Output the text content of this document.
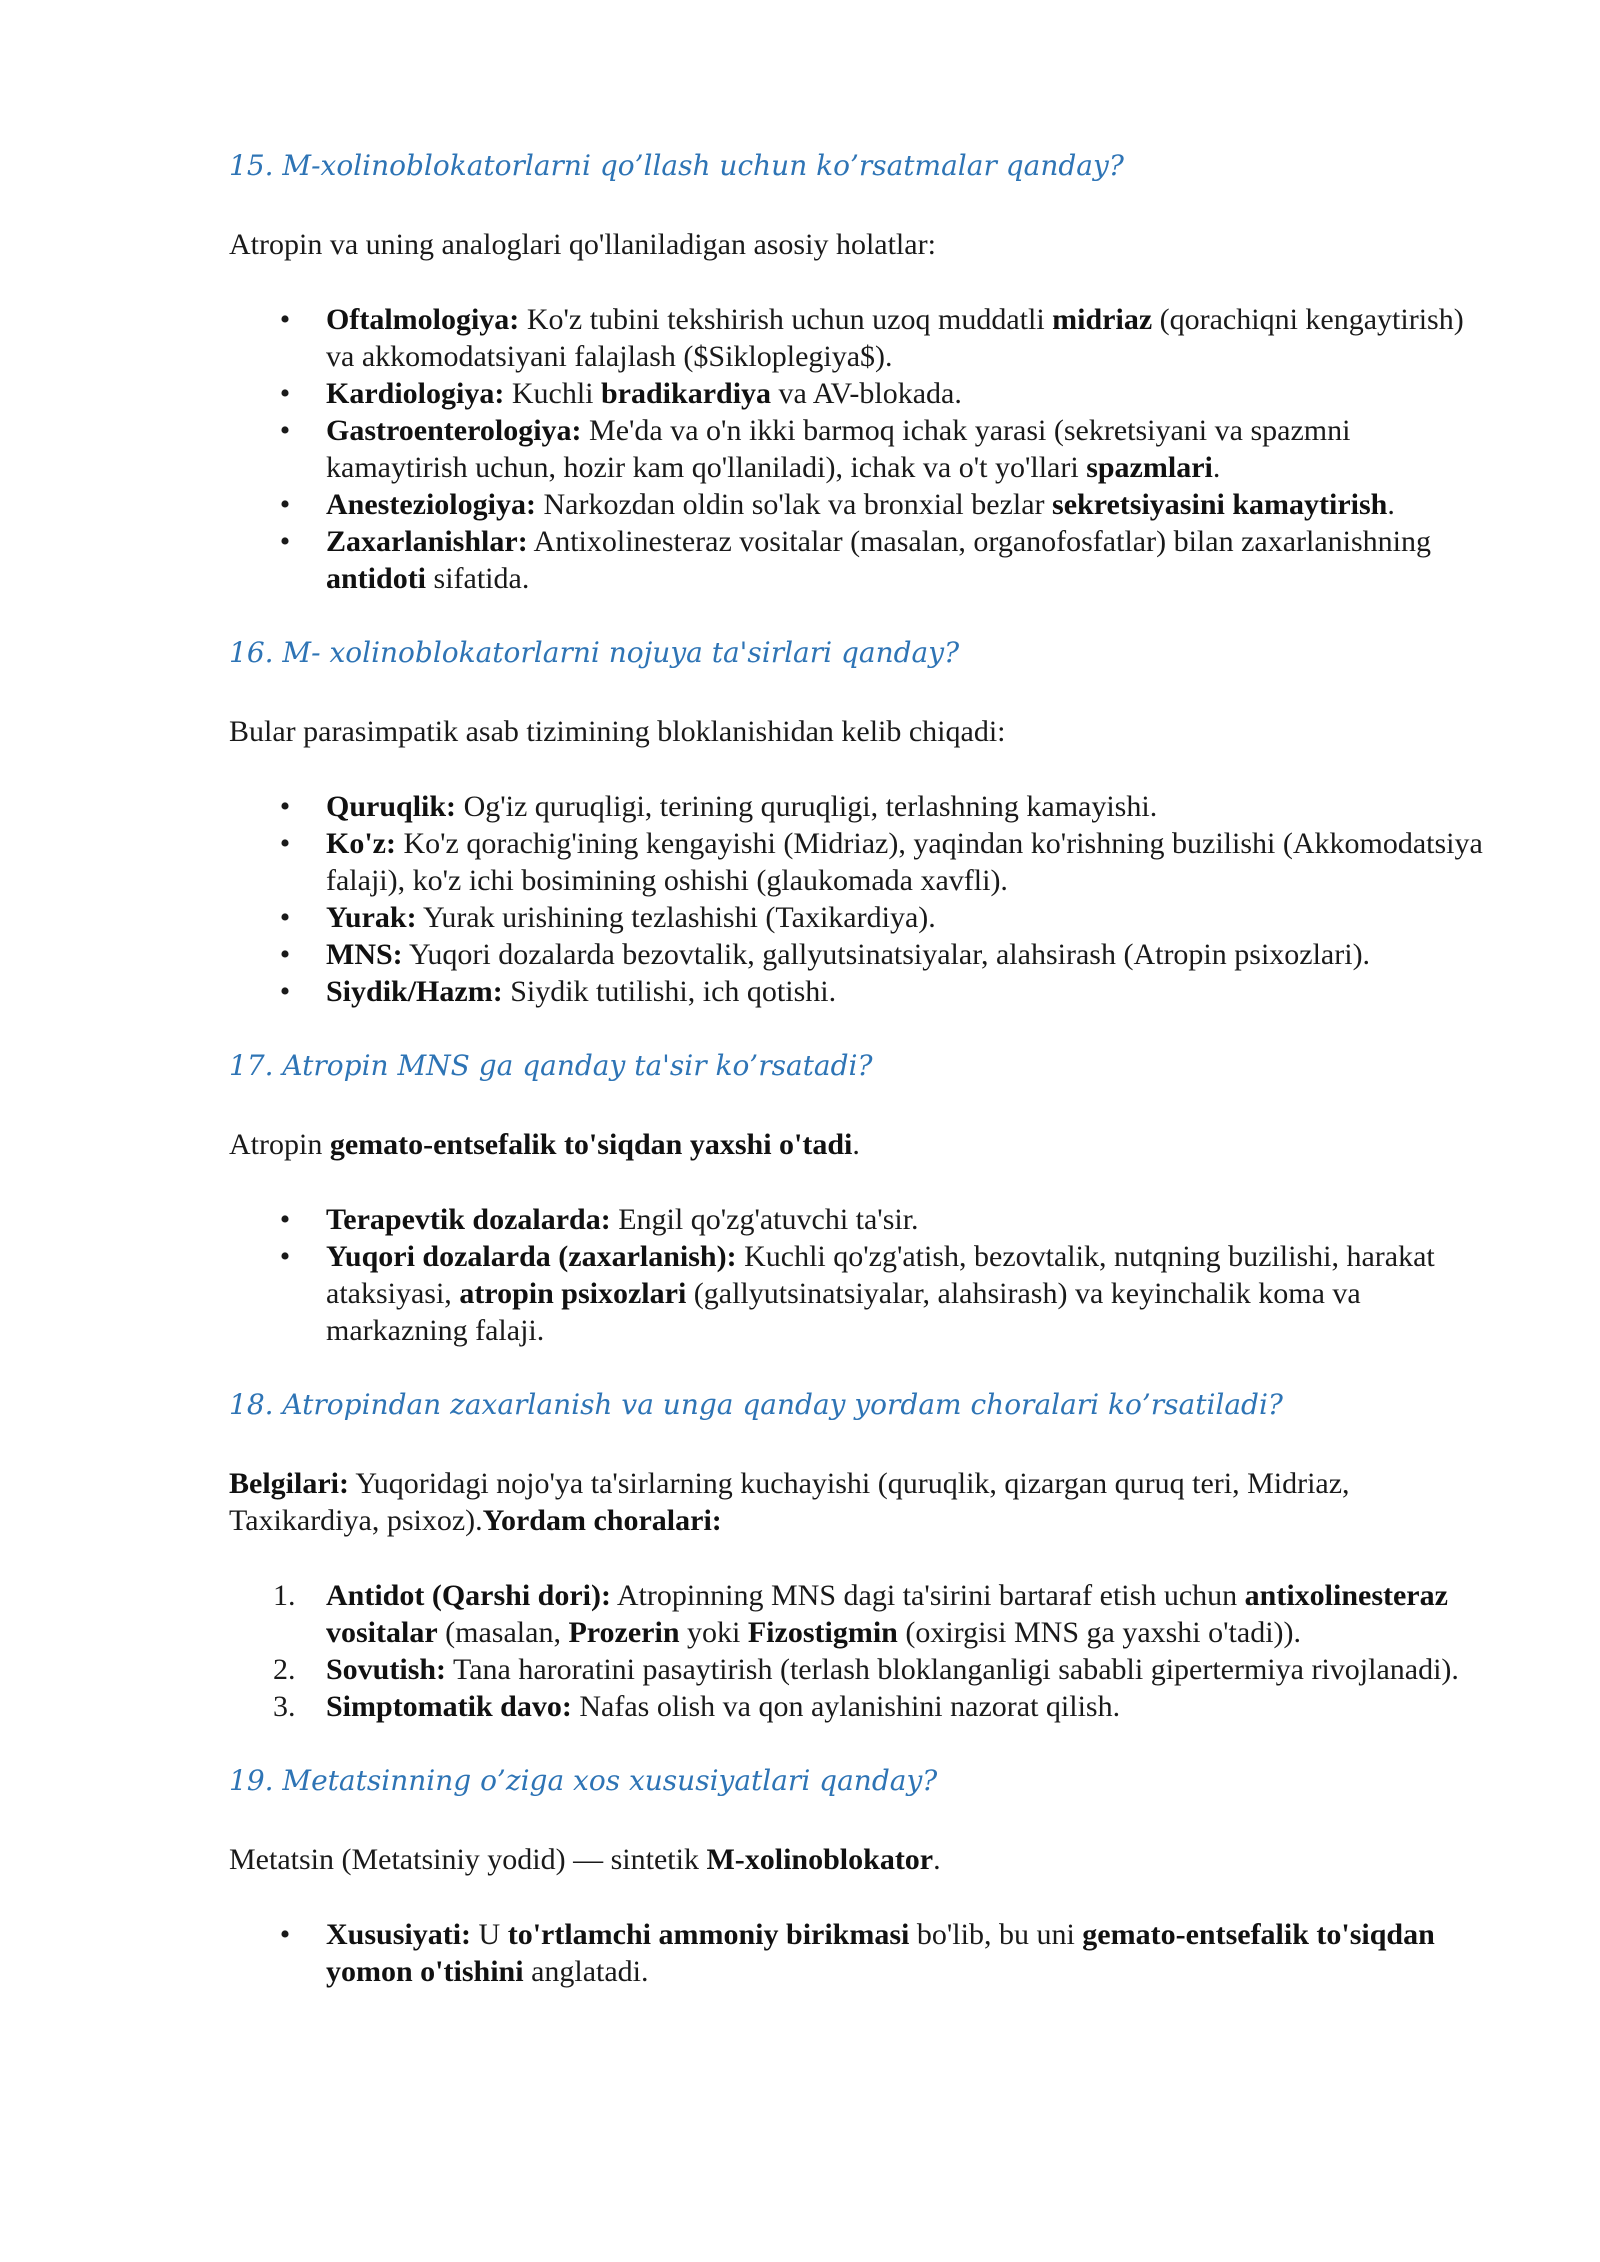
15. M-xolinoblokatorlarni qo’llash uchun ko’rsatmalar qanday?
Atropin va uning analoglari qo'llaniladigan asosiy holatlar:
• Oftalmologiya: Ko'z tubini tekshirish uchun uzoq muddatli midriaz (qorachiqni kengaytirish) va akkomodatsiyani falajlash ($Sikloplegiya$).
• Kardiologiya: Kuchli bradikardiya va AV-blokada.
• Gastroenterologiya: Me'da va o'n ikki barmoq ichak yarasi (sekretsiyani va spazmni kamaytirish uchun, hozir kam qo'llaniladi), ichak va o't yo'llari spazmlari.
• Anesteziologiya: Narkozdan oldin so'lak va bronxial bezlar sekretsiyasini kamaytirish.
• Zaxarlanishlar: Antixolinesteraz vositalar (masalan, organofosfatlar) bilan zaxarlanishning antidoti sifatida.
16. M- xolinoblokatorlarni nojuya ta'sirlari qanday?
Bular parasimpatik asab tizimining bloklanishidan kelib chiqadi:
• Quruqlik: Og'iz quruqligi, terining quruqligi, terlashning kamayishi.
• Ko'z: Ko'z qorachig'ining kengayishi (Midriaz), yaqindan ko'rishning buzilishi (Akkomodatsiya falaji), ko'z ichi bosimining oshishi (glaukomada xavfli).
• Yurak: Yurak urishining tezlashishi (Taxikardiya).
• MNS: Yuqori dozalarda bezovtalik, gallyutsinatsiyalar, alahsirash (Atropin psixozlari).
• Siydik/Hazm: Siydik tutilishi, ich qotishi.
17. Atropin MNS ga qanday ta'sir ko’rsatadi?
Atropin gemato-entsefalik to'siqdan yaxshi o'tadi.
• Terapevtik dozalarda: Engil qo'zg'atuvchi ta'sir.
• Yuqori dozalarda (zaxarlanish): Kuchli qo'zg'atish, bezovtalik, nutqning buzilishi, harakat ataksiyasi, atropin psixozlari (gallyutsinatsiyalar, alahsirash) va keyinchalik koma va markazning falaji.
18. Atropindan zaxarlanish va unga qanday yordam choralari ko’rsatiladi?
Belgilari: Yuqoridagi nojo'ya ta'sirlarning kuchayishi (quruqlik, qizargan quruq teri, Midriaz, Taxikardiya, psixoz).Yordam choralari:
1.	Antidot (Qarshi dori): Atropinning MNS dagi ta'sirini bartaraf etish uchun antixolinesteraz vositalar (masalan, Prozerin yoki Fizostigmin (oxirgisi MNS ga yaxshi o'tadi)).
2.	Sovutish: Tana haroratini pasaytirish (terlash bloklanganligi sababli gipertermiya rivojlanadi).
3.	Simptomatik davo: Nafas olish va qon aylanishini nazorat qilish.
19. Metatsinning o’ziga xos xususiyatlari qanday?
Metatsin (Metatsiniy yodid) — sintetik M-xolinoblokator.
• Xususiyati: U to'rtlamchi ammoniy birikmasi bo'lib, bu uni gemato-entsefalik to'siqdan yomon o'tishini anglatadi.
